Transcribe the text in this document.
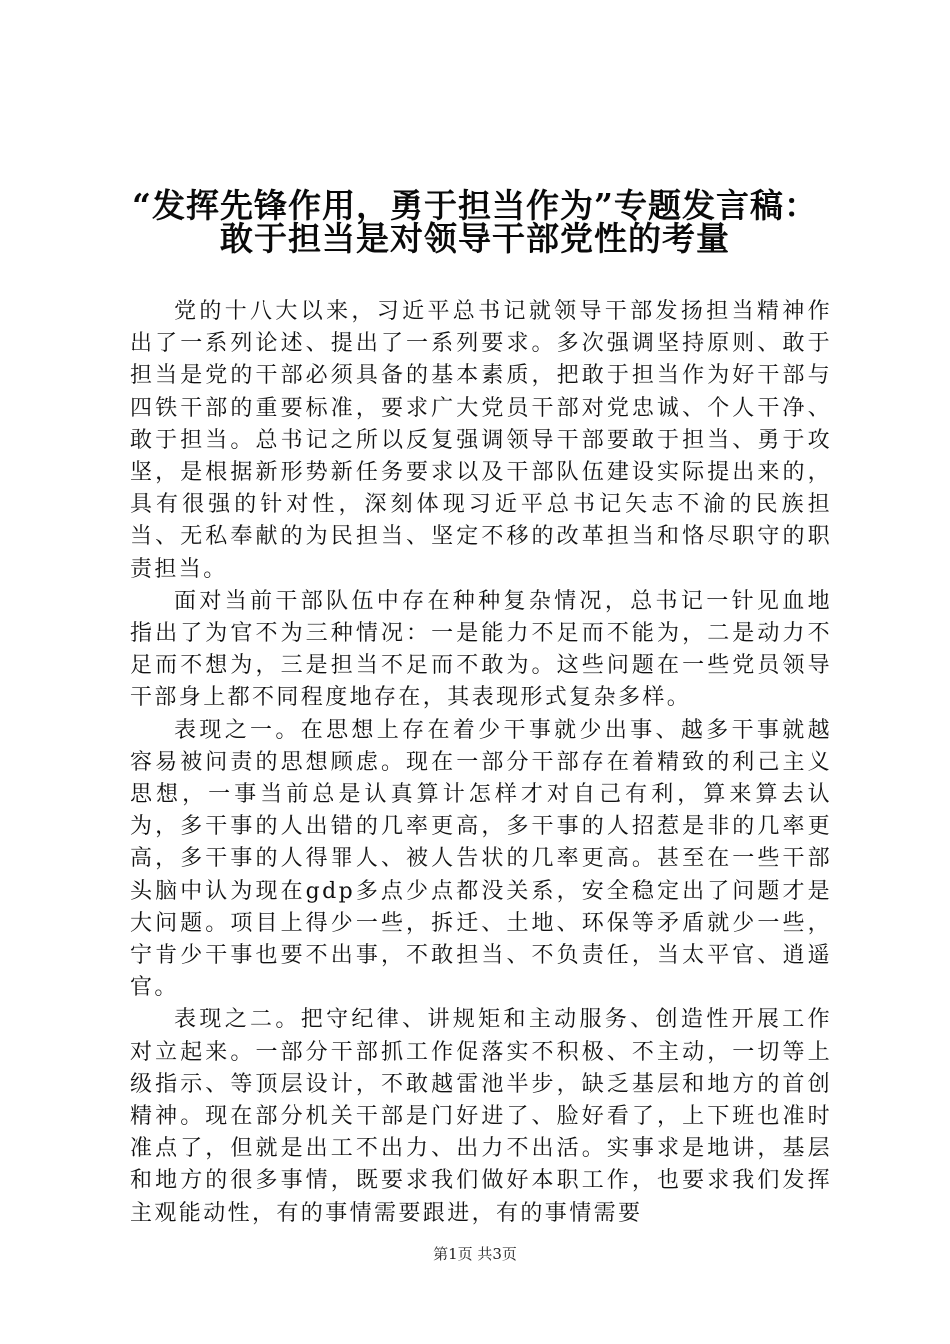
“发挥先锋作用，勇于担当作为”专题发言稿：
敢于担当是对领导干部党性的考量

党的十八大以来，习近平总书记就领导干部发扬担当精神作出了一系列论述、提出了一系列要求。多次强调坚持原则、敢于担当是党的干部必须具备的基本素质，把敢于担当作为好干部与四铁干部的重要标准，要求广大党员干部对党忠诚、个人干净、敢于担当。总书记之所以反复强调领导干部要敢于担当、勇于攻坚，是根据新形势新任务要求以及干部队伍建设实际提出来的，具有很强的针对性，深刻体现习近平总书记矢志不渝的民族担当、无私奉献的为民担当、坚定不移的改革担当和恪尽职守的职责担当。

面对当前干部队伍中存在种种复杂情况，总书记一针见血地指出了为官不为三种情况：一是能力不足而不能为，二是动力不足而不想为，三是担当不足而不敢为。这些问题在一些党员领导干部身上都不同程度地存在，其表现形式复杂多样。

表现之一。在思想上存在着少干事就少出事、越多干事就越容易被问责的思想顾虑。现在一部分干部存在着精致的利己主义思想，一事当前总是认真算计怎样才对自己有利，算来算去认为，多干事的人出错的几率更高，多干事的人招惹是非的几率更高，多干事的人得罪人、被人告状的几率更高。甚至在一些干部头脑中认为现在gdp多点少点都没关系，安全稳定出了问题才是大问题。项目上得少一些，拆迁、土地、环保等矛盾就少一些，宁肯少干事也要不出事，不敢担当、不负责任，当太平官、逍遥官。

表现之二。把守纪律、讲规矩和主动服务、创造性开展工作对立起来。一部分干部抓工作促落实不积极、不主动，一切等上级指示、等顶层设计，不敢越雷池半步，缺乏基层和地方的首创精神。现在部分机关干部是门好进了、脸好看了，上下班也准时准点了，但就是出工不出力、出力不出活。实事求是地讲，基层和地方的很多事情，既要求我们做好本职工作，也要求我们发挥主观能动性，有的事情需要跟进，有的事情需要

第1页 共3页
